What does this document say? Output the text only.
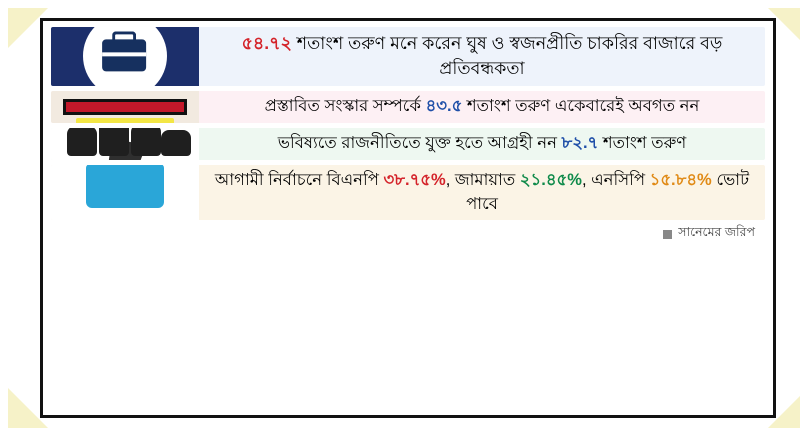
৫৪.৭২ শতাংশ তরুণ মনে করেন ঘুষ ও স্বজনপ্রীতি চাকরির বাজারে বড় প্রতিবন্ধকতা
প্রস্তাবিত সংস্কার সম্পর্কে ৪৩.৫ শতাংশ তরুণ একেবারেই অবগত নন
ভবিষ্যতে রাজনীতিতে যুক্ত হতে আগ্রহী নন ৮২.৭ শতাংশ তরুণ
আগামী নির্বাচনে বিএনপি ৩৮.৭৫%, জামায়াত ২১.৪৫%, এনসিপি ১৫.৮৪% ভোট পাবে
সানেমের জরিপ
